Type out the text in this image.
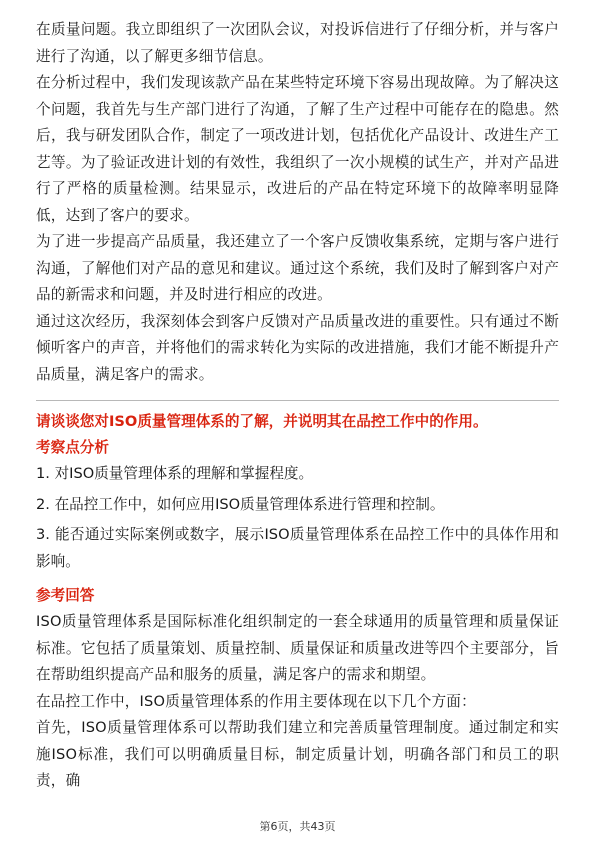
在质量问题。我立即组织了一次团队会议，对投诉信进行了仔细分析，并与客户进行了沟通，以了解更多细节信息。

在分析过程中，我们发现该款产品在某些特定环境下容易出现故障。为了解决这个问题，我首先与生产部门进行了沟通，了解了生产过程中可能存在的隐患。然后，我与研发团队合作，制定了一项改进计划，包括优化产品设计、改进生产工艺等。为了验证改进计划的有效性，我组织了一次小规模的试生产，并对产品进行了严格的质量检测。结果显示，改进后的产品在特定环境下的故障率明显降低，达到了客户的要求。

为了进一步提高产品质量，我还建立了一个客户反馈收集系统，定期与客户进行沟通，了解他们对产品的意见和建议。通过这个系统，我们及时了解到客户对产品的新需求和问题，并及时进行相应的改进。

通过这次经历，我深刻体会到客户反馈对产品质量改进的重要性。只有通过不断倾听客户的声音，并将他们的需求转化为实际的改进措施，我们才能不断提升产品质量，满足客户的需求。

请谈谈您对ISO质量管理体系的了解，并说明其在品控工作中的作用。

考察点分析

1. 对ISO质量管理体系的理解和掌握程度。

2. 在品控工作中，如何应用ISO质量管理体系进行管理和控制。

3. 能否通过实际案例或数字，展示ISO质量管理体系在品控工作中的具体作用和影响。

参考回答

ISO质量管理体系是国际标准化组织制定的一套全球通用的质量管理和质量保证标准。它包括了质量策划、质量控制、质量保证和质量改进等四个主要部分，旨在帮助组织提高产品和服务的质量，满足客户的需求和期望。

在品控工作中，ISO质量管理体系的作用主要体现在以下几个方面：

首先，ISO质量管理体系可以帮助我们建立和完善质量管理制度。通过制定和实施ISO标准，我们可以明确质量目标，制定质量计划，明确各部门和员工的职责，确

第6页，共43页
